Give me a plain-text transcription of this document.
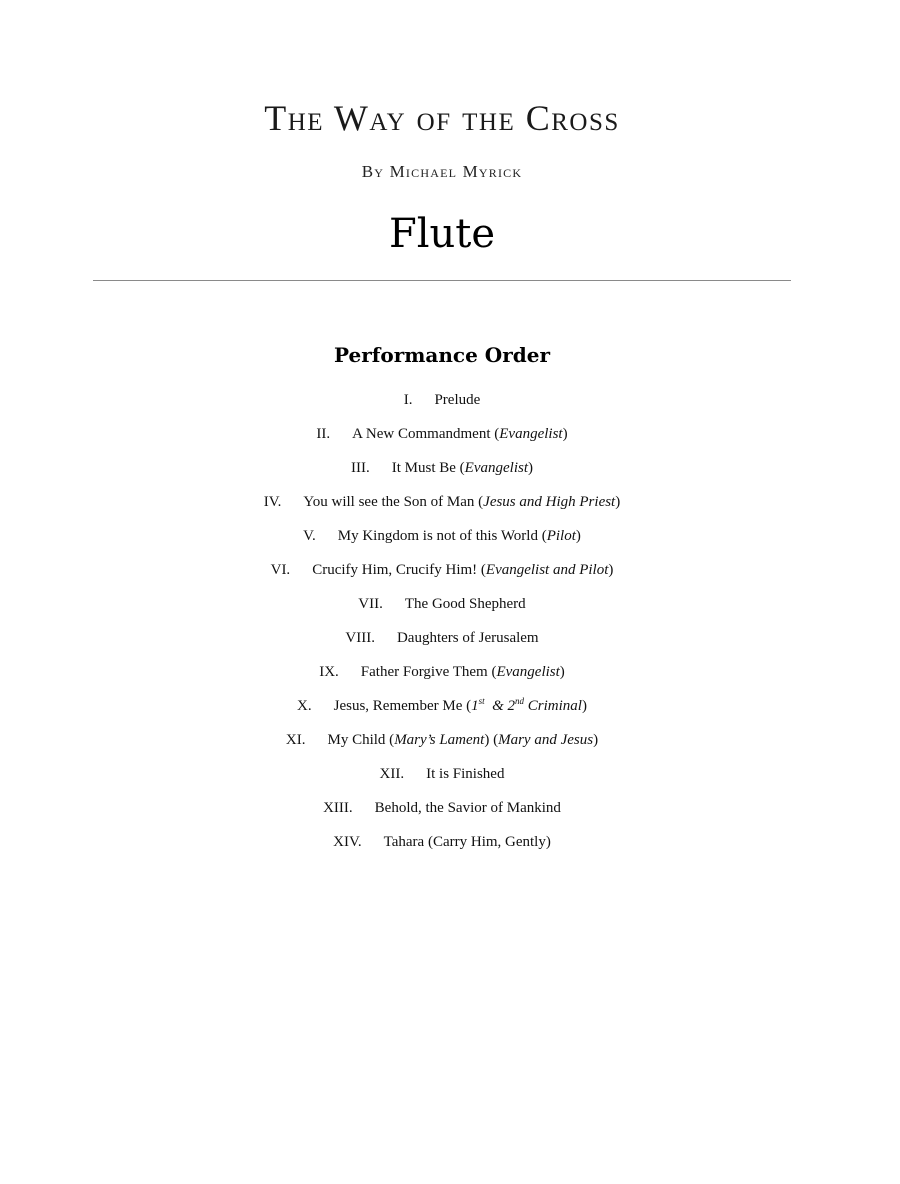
The Way of the Cross
By Michael Myrick
Flute
Performance Order
I. Prelude
II. A New Commandment (Evangelist)
III. It Must Be (Evangelist)
IV. You will see the Son of Man (Jesus and High Priest)
V. My Kingdom is not of this World (Pilot)
VI. Crucify Him, Crucify Him! (Evangelist and Pilot)
VII. The Good Shepherd
VIII. Daughters of Jerusalem
IX. Father Forgive Them (Evangelist)
X. Jesus, Remember Me (1st  & 2nd Criminal)
XI. My Child (Mary’s Lament) (Mary and Jesus)
XII. It is Finished
XIII. Behold, the Savior of Mankind
XIV. Tahara (Carry Him, Gently)
